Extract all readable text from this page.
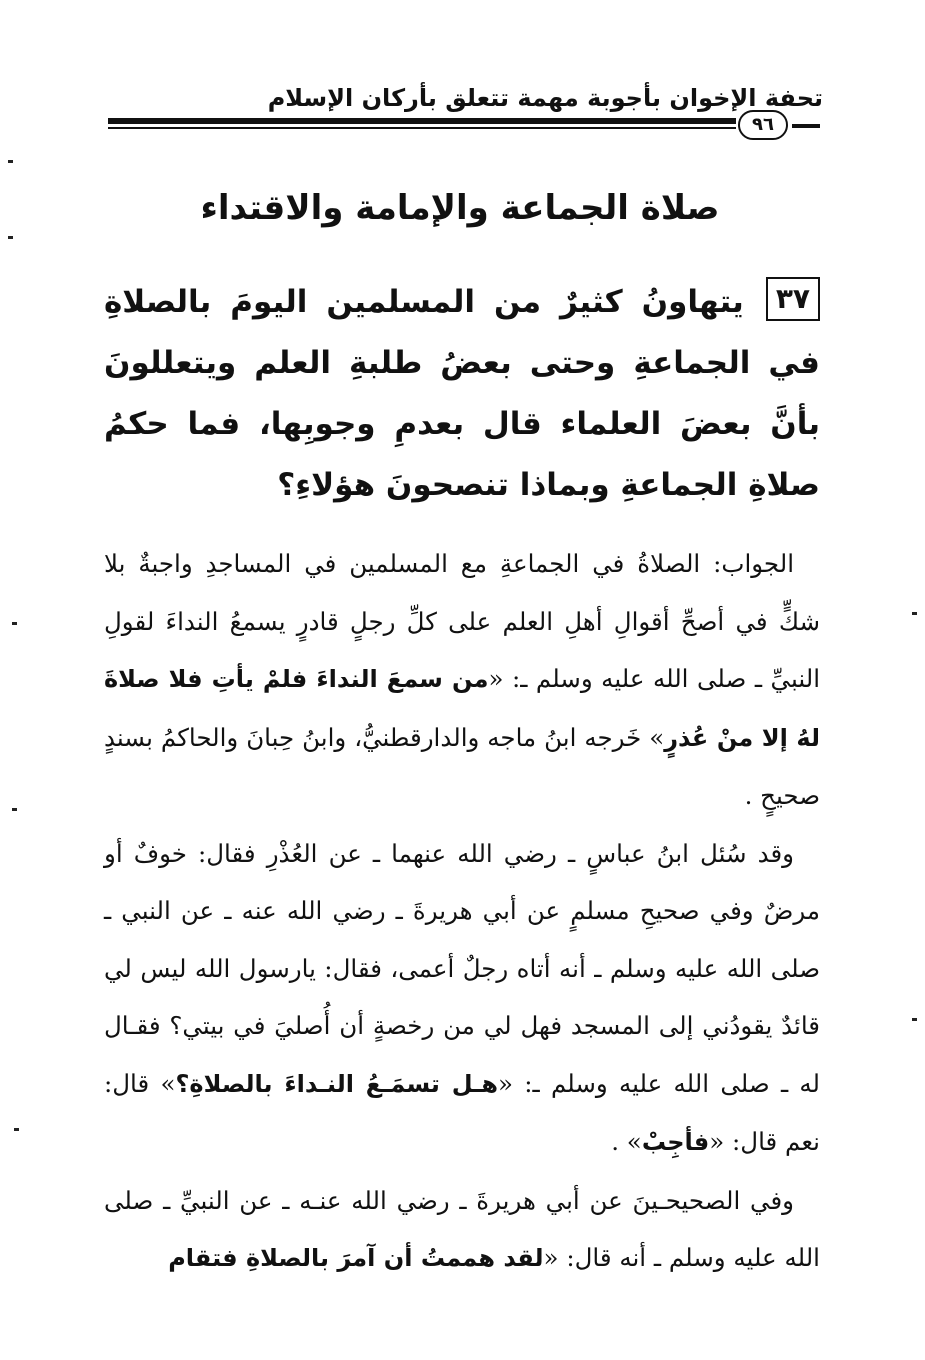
تحفة الإخوان بأجوبة مهمة تتعلق بأركان الإسلام
٩٦
صلاة الجماعة والإمامة والاقتداء
٣٧يتهاونُ كثيرٌ من المسلمين اليومَ بالصلاةِ في الجماعةِ وحتى بعضُ طلبةِ العلم ويتعللونَ بأنَّ بعضَ العلماء قال بعدمِ وجوبِها، فما حكمُ صلاةِ الجماعةِ وبماذا تنصحونَ هؤلاءِ؟

الجواب: الصلاةُ في الجماعةِ مع المسلمين في المساجدِ واجبةٌ بلا شكٍّ في أصحِّ أقوالِ أهلِ العلم على كلِّ رجلٍ قادرٍ يسمعُ النداءَ لقولِ النبيِّ ـ صلى الله عليه وسلم ـ: «من سمعَ النداءَ فلمْ يأتِ فلا صلاةَ لهُ إلا منْ عُذرٍ» خَرجه ابنُ ماجه والدارقطنيُّ، وابنُ حِبانَ والحاكمُ بسندٍ صحيحٍ .

وقد سُئل ابنُ عباسٍ ـ رضي الله عنهما ـ عن العُذْرِ فقال: خوفٌ أو مرضٌ وفي صحيحِ مسلمٍ عن أبي هريرةَ ـ رضي الله عنه ـ عن النبي ـ صلى الله عليه وسلم ـ أنه أتاه رجلٌ أعمى، فقال: يارسول الله ليس لي قائدٌ يقودُني إلى المسجد فهل لي من رخصةٍ أن أُصليَ في بيتي؟ فقـال له ـ صلى الله عليه وسلم ـ: «هـل تسمَـعُ النـداءَ بالصلاةِ؟» قال: نعم قال: «فأجِبْ» .

وفي الصحيحـينَ عن أبي هريرةَ ـ رضي الله عنـه ـ عن النبيِّ ـ صلى الله عليه وسلم ـ أنه قال: «لقد هممتُ أن آمرَ بالصلاةِ فتقام
